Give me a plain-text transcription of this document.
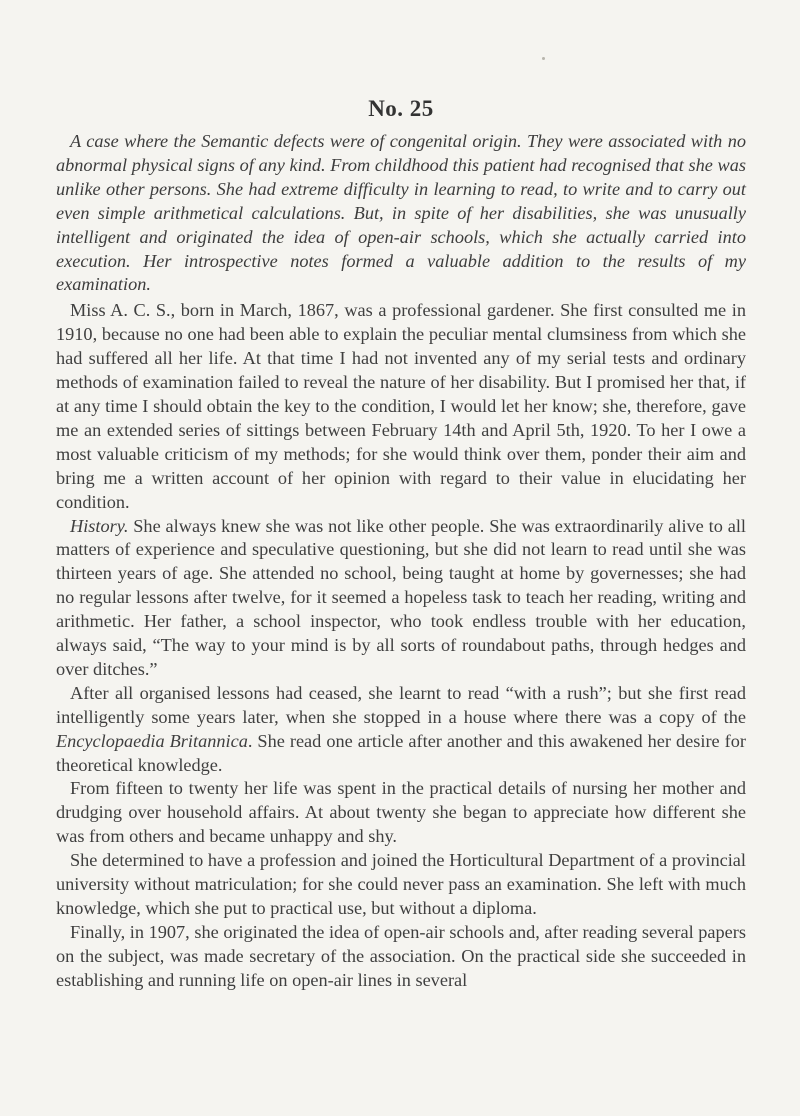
No. 25

A case where the Semantic defects were of congenital origin. They were associated with no abnormal physical signs of any kind. From childhood this patient had recognised that she was unlike other persons. She had extreme difficulty in learning to read, to write and to carry out even simple arithmetical calculations. But, in spite of her disabilities, she was unusually intelligent and originated the idea of open-air schools, which she actually carried into execution. Her introspective notes formed a valuable addition to the results of my examination.

Miss A. C. S., born in March, 1867, was a professional gardener. She first consulted me in 1910, because no one had been able to explain the peculiar mental clumsiness from which she had suffered all her life. At that time I had not invented any of my serial tests and ordinary methods of examination failed to reveal the nature of her disability. But I promised her that, if at any time I should obtain the key to the condition, I would let her know; she, therefore, gave me an extended series of sittings between February 14th and April 5th, 1920. To her I owe a most valuable criticism of my methods; for she would think over them, ponder their aim and bring me a written account of her opinion with regard to their value in elucidating her condition.

History. She always knew she was not like other people. She was extraordinarily alive to all matters of experience and speculative questioning, but she did not learn to read until she was thirteen years of age. She attended no school, being taught at home by governesses; she had no regular lessons after twelve, for it seemed a hopeless task to teach her reading, writing and arithmetic. Her father, a school inspector, who took endless trouble with her education, always said, “The way to your mind is by all sorts of roundabout paths, through hedges and over ditches.”

After all organised lessons had ceased, she learnt to read “with a rush”; but she first read intelligently some years later, when she stopped in a house where there was a copy of the Encyclopaedia Britannica. She read one article after another and this awakened her desire for theoretical knowledge.

From fifteen to twenty her life was spent in the practical details of nursing her mother and drudging over household affairs. At about twenty she began to appreciate how different she was from others and became unhappy and shy.

She determined to have a profession and joined the Horticultural Department of a provincial university without matriculation; for she could never pass an examination. She left with much knowledge, which she put to practical use, but without a diploma.

Finally, in 1907, she originated the idea of open-air schools and, after reading several papers on the subject, was made secretary of the association. On the practical side she succeeded in establishing and running life on open-air lines in several
